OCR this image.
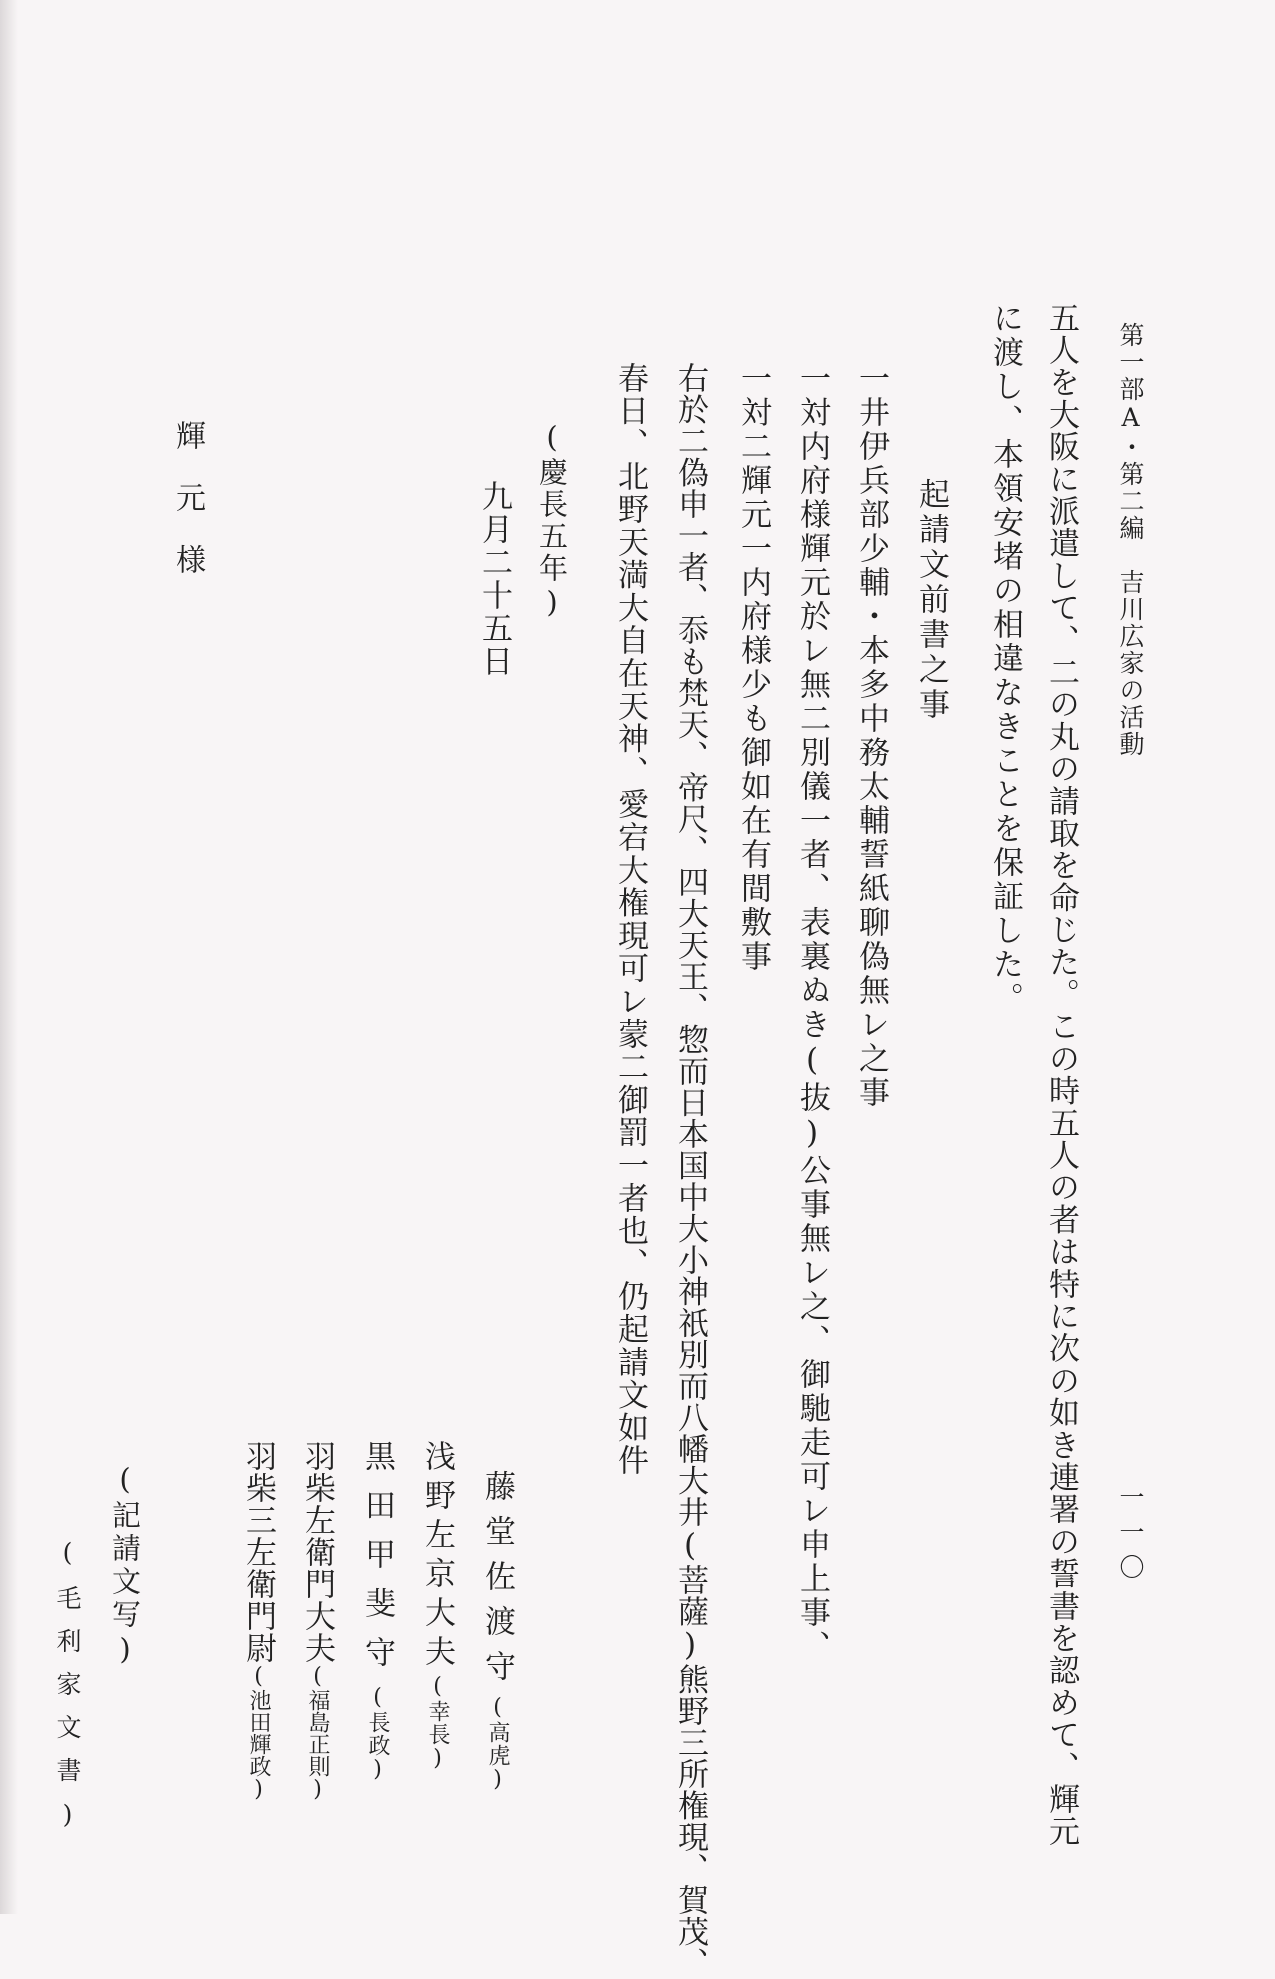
第一部A・第二編　吉川広家の活動
一一〇
五人を大阪に派遣して、二の丸の請取を命じた。この時五人の者は特に次の如き連署の誓書を認めて、輝元
に渡し、本領安堵の相違なきことを保証した。
起請文前書之事
一井伊兵部少輔・本多中務太輔誓紙聊偽無レ之事
一対内府様輝元於レ無二別儀一者、表裏ぬき(抜)公事無レ之、御馳走可レ申上事、
一対二輝元一内府様少も御如在有間敷事
右於二偽申一者、忝も梵天、帝尺、四大天王、惣而日本国中大小神祇別而八幡大井(菩薩)熊野三所権現、賀茂、
春日、北野天満大自在天神、愛宕大権現可レ蒙二御罰一者也、仍起請文如件
(慶長五年)
九月二十五日
輝元様
藤堂佐渡守(高虎)
浅野左京大夫(幸長)
黒田甲斐守(長政)
羽柴左衛門大夫(福島正則)
羽柴三左衛門尉(池田輝政)
(記請文写)
(毛利家文書)
